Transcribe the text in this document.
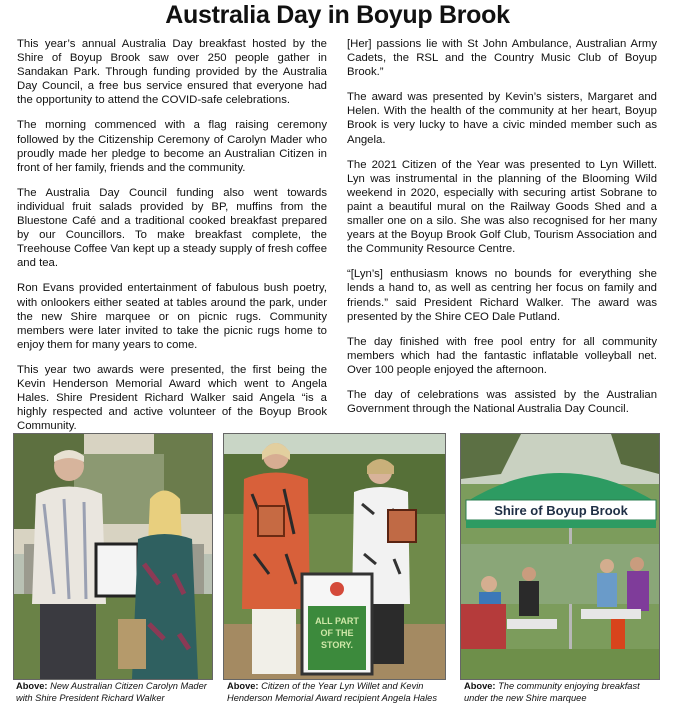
Australia Day in Boyup Brook

This year’s annual Australia Day breakfast hosted by the Shire of Boyup Brook saw over 250 people gather in Sandakan Park. Through funding provided by the Australia Day Council, a free bus service ensured that everyone had the opportunity to attend the COVID-safe celebrations.

The morning commenced with a flag raising ceremony followed by the Citizenship Ceremony of Carolyn Mader who proudly made her pledge to become an Australian Citizen in front of her family, friends and the community.

The Australia Day Council funding also went towards individual fruit salads provided by BP, muffins from the Bluestone Café and a traditional cooked breakfast prepared by our Councillors. To make breakfast complete, the Treehouse Coffee Van kept up a steady supply of fresh coffee and tea.

Ron Evans provided entertainment of fabulous bush poetry, with onlookers either seated at tables around the park, under the new Shire marquee or on picnic rugs. Community members were later invited to take the picnic rugs home to enjoy them for many years to come.

This year two awards were presented, the first being the Kevin Henderson Memorial Award which went to Angela Hales. Shire President Richard Walker said Angela “is a highly respected and active volunteer of the Boyup Brook Community.

[Her] passions lie with St John Ambulance, Australian Army Cadets, the RSL and the Country Music Club of Boyup Brook.”

The award was presented by Kevin’s sisters, Margaret and Helen. With the health of the community at her heart, Boyup Brook is very lucky to have a civic minded member such as Angela.

The 2021 Citizen of the Year was presented to Lyn Willett. Lyn was instrumental in the planning of the Blooming Wild weekend in 2020, especially with securing artist Sobrane to paint a beautiful mural on the Railway Goods Shed and a smaller one on a silo. She was also recognised for her many years at the Boyup Brook Golf Club, Tourism Association and the Community Resource Centre.

“[Lyn’s] enthusiasm knows no bounds for everything she lends a hand to, as well as centring her focus on family and friends.” said President Richard Walker. The award was presented by the Shire CEO Dale Putland.

The day finished with free pool entry for all community members which had the fantastic inflatable volleyball net. Over 100 people enjoyed the afternoon.

The day of celebrations was assisted by the Australian Government through the National Australia Day Council.

ALL PART
OF THE
STORY.
Shire of Boyup Brook
Above: New Australian Citizen Carolyn Mader with Shire President Richard Walker
Above: Citizen of the Year Lyn Willet and Kevin Henderson Memorial Award recipient Angela Hales
Above: The community enjoying breakfast under the new Shire marquee
